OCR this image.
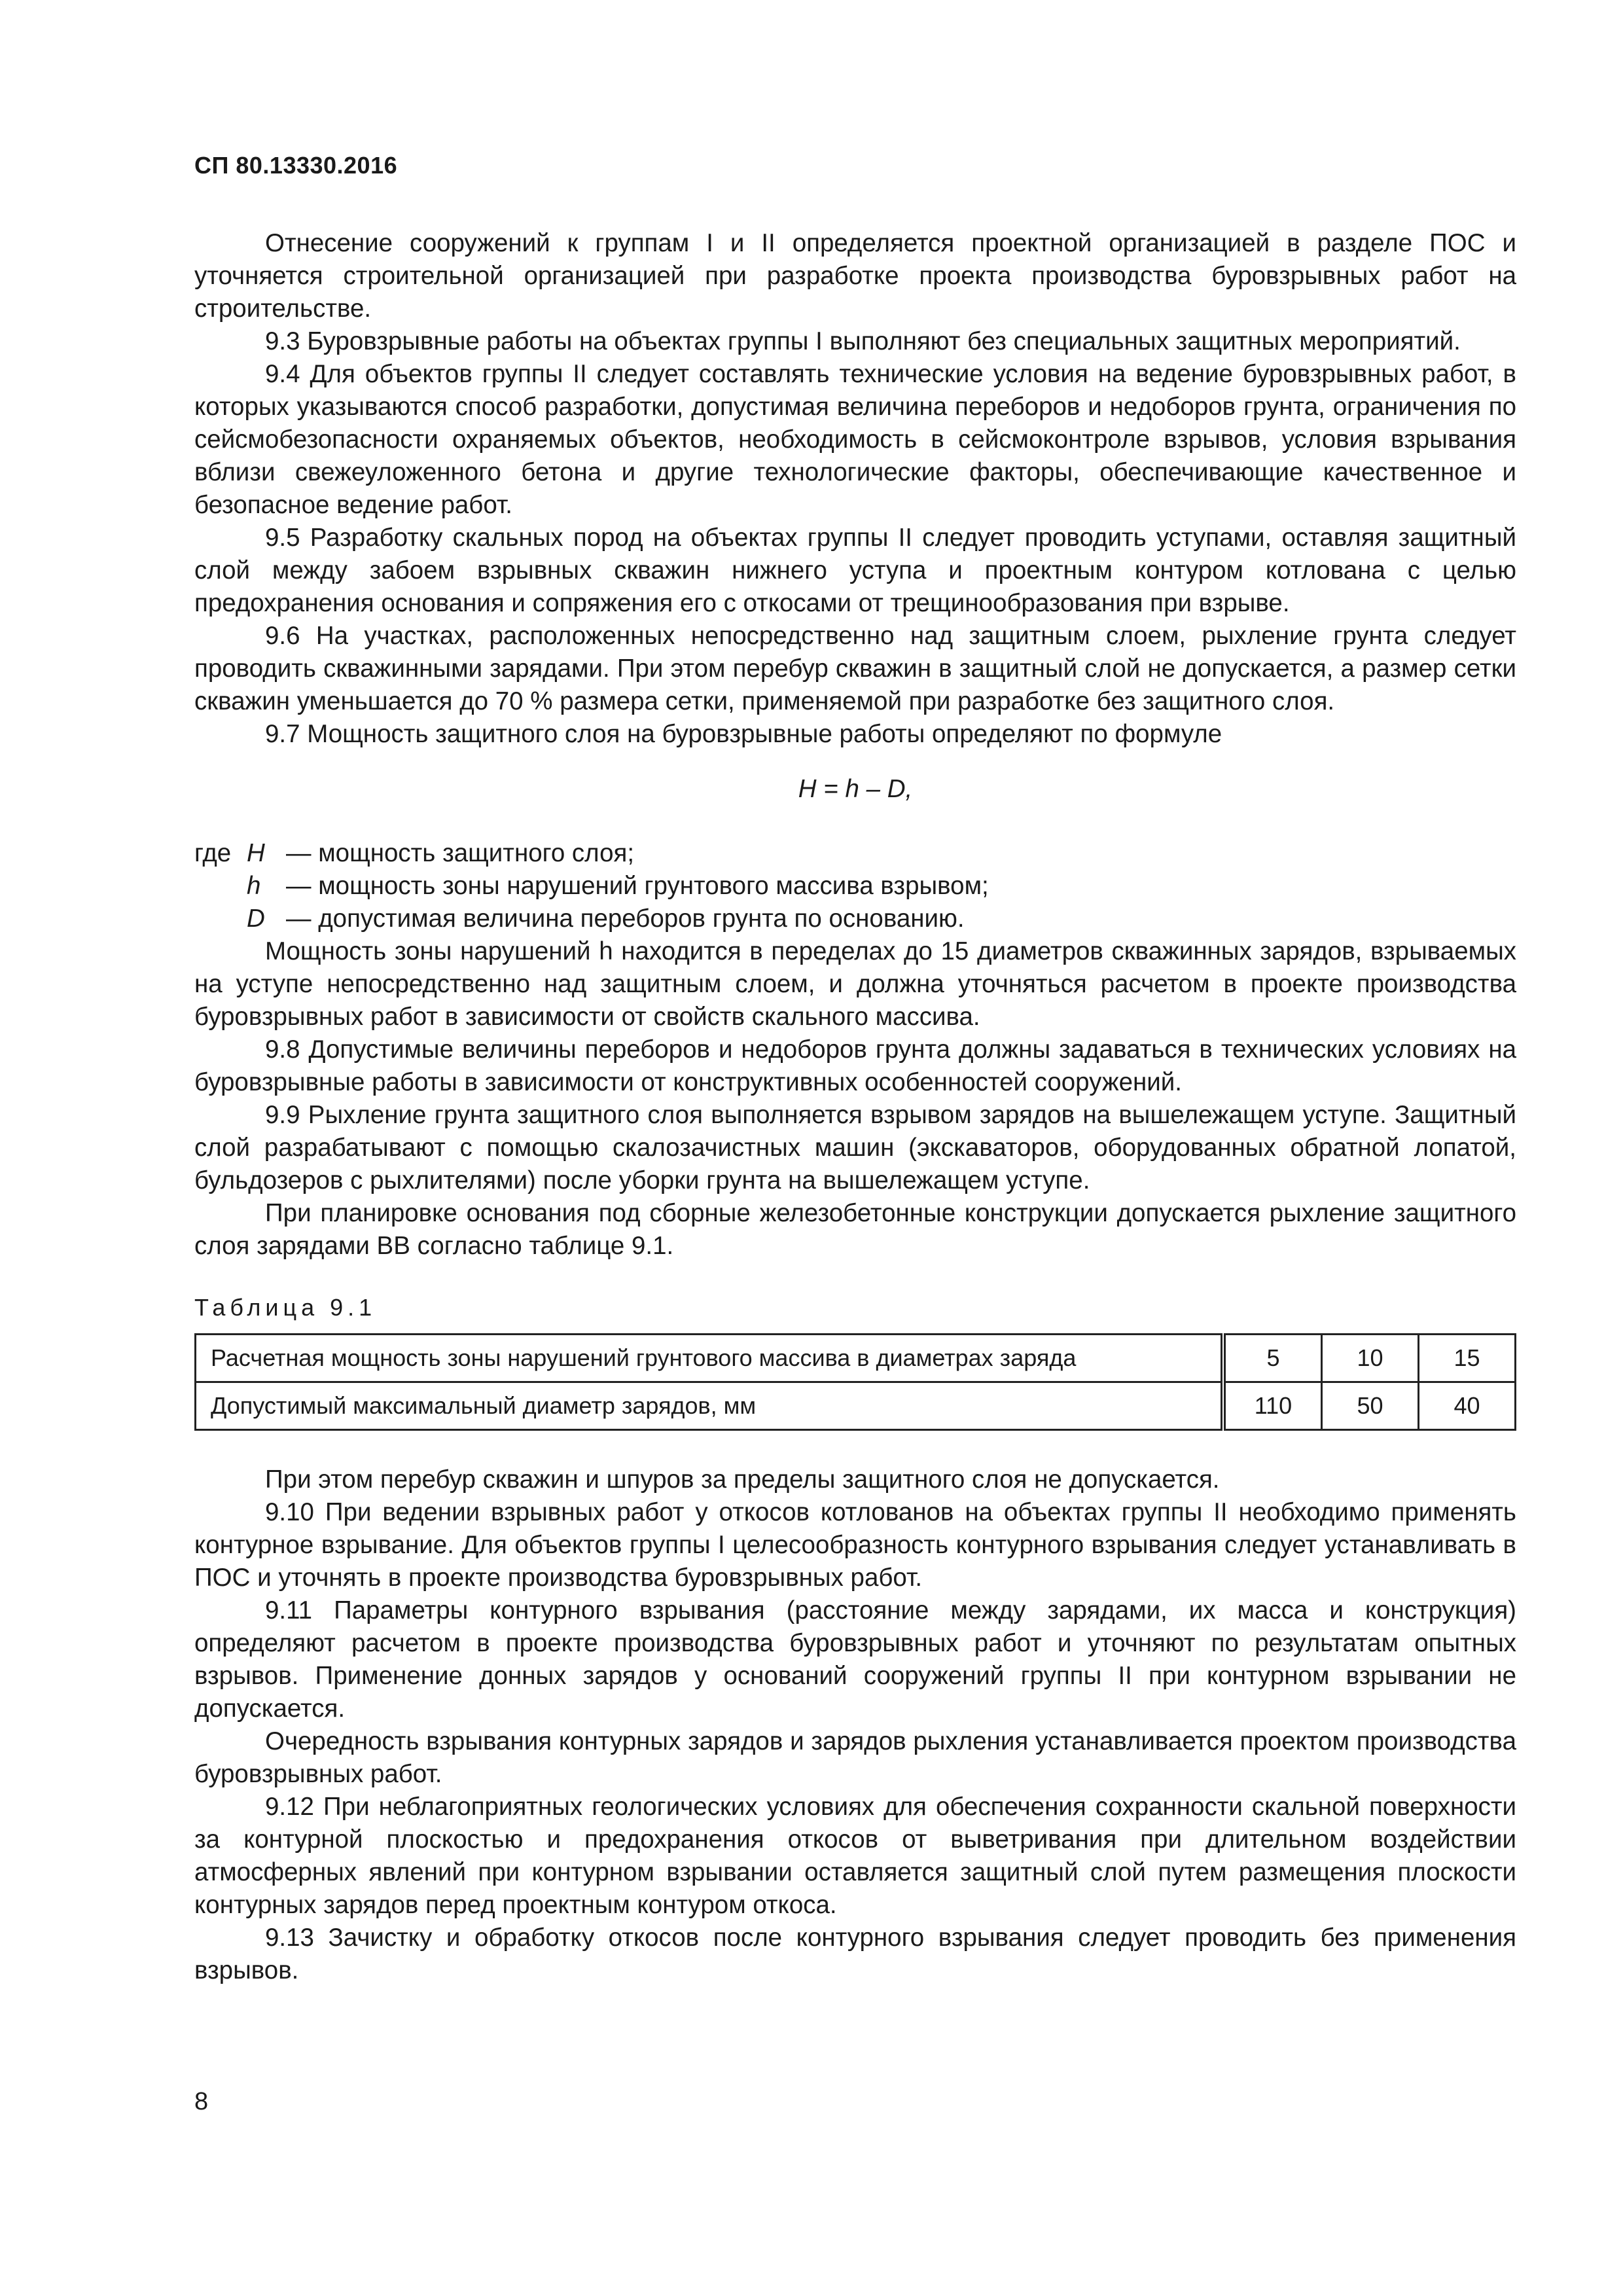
СП 80.13330.2016

Отнесение сооружений к группам I и II определяется проектной организацией в разделе ПОС и уточняется строительной организацией при разработке проекта производства буровзрывных работ на строительстве.

9.3 Буровзрывные работы на объектах группы I выполняют без специальных защитных мероприятий.

9.4 Для объектов группы II следует составлять технические условия на ведение буровзрывных работ, в которых указываются способ разработки, допустимая величина переборов и недоборов грунта, ограничения по сейсмобезопасности охраняемых объектов, необходимость в сейсмоконтроле взрывов, условия взрывания вблизи свежеуложенного бетона и другие технологические факторы, обеспечивающие качественное и безопасное ведение работ.

9.5 Разработку скальных пород на объектах группы II следует проводить уступами, оставляя защитный слой между забоем взрывных скважин нижнего уступа и проектным контуром котлована с целью предохранения основания и сопряжения его с откосами от трещинообразования при взрыве.

9.6 На участках, расположенных непосредственно над защитным слоем, рыхление грунта следует проводить скважинными зарядами. При этом перебур скважин в защитный слой не допускается, а размер сетки скважин уменьшается до 70 % размера сетки, применяемой при разработке без защитного слоя.

9.7 Мощность защитного слоя на буровзрывные работы определяют по формуле

H = h – D,
где H — мощность защитного слоя;
h	— мощность зоны нарушений грунтового массива взрывом;
D — допустимая величина переборов грунта по основанию.

Мощность зоны нарушений h находится в переделах до 15 диаметров скважинных зарядов, взрываемых на уступе непосредственно над защитным слоем, и должна уточняться расчетом в проекте производства буровзрывных работ в зависимости от свойств скального массива.

9.8 Допустимые величины переборов и недоборов грунта должны задаваться в технических условиях на буровзрывные работы в зависимости от конструктивных особенностей сооружений.

9.9 Рыхление грунта защитного слоя выполняется взрывом зарядов на вышележащем уступе. Защитный слой разрабатывают с помощью скалозачистных машин (экскаваторов, оборудованных обратной лопатой, бульдозеров с рыхлителями) после уборки грунта на вышележащем уступе.

При планировке основания под сборные железобетонные конструкции допускается рыхление защитного слоя зарядами ВВ согласно таблице 9.1.

Таблица 9.1
Расчетная мощность зоны нарушений грунтового массива в диаметрах заряда	5	10	15
Допустимый максимальный диаметр зарядов, мм	110	50	40

При этом перебур скважин и шпуров за пределы защитного слоя не допускается.

9.10 При ведении взрывных работ у откосов котлованов на объектах группы II необходимо применять контурное взрывание. Для объектов группы I целесообразность контурного взрывания следует устанавливать в ПОС и уточнять в проекте производства буровзрывных работ.

9.11 Параметры контурного взрывания (расстояние между зарядами, их масса и конструкция) определяют расчетом в проекте производства буровзрывных работ и уточняют по результатам опытных взрывов. Применение донных зарядов у оснований сооружений группы II при контурном взрывании не допускается.

Очередность взрывания контурных зарядов и зарядов рыхления устанавливается проектом производства буровзрывных работ.

9.12 При неблагоприятных геологических условиях для обеспечения сохранности скальной поверхности за контурной плоскостью и предохранения откосов от выветривания при длительном воздействии атмосферных явлений при контурном взрывании оставляется защитный слой путем размещения плоскости контурных зарядов перед проектным контуром откоса.

9.13 Зачистку и обработку откосов после контурного взрывания следует проводить без применения взрывов.

8
